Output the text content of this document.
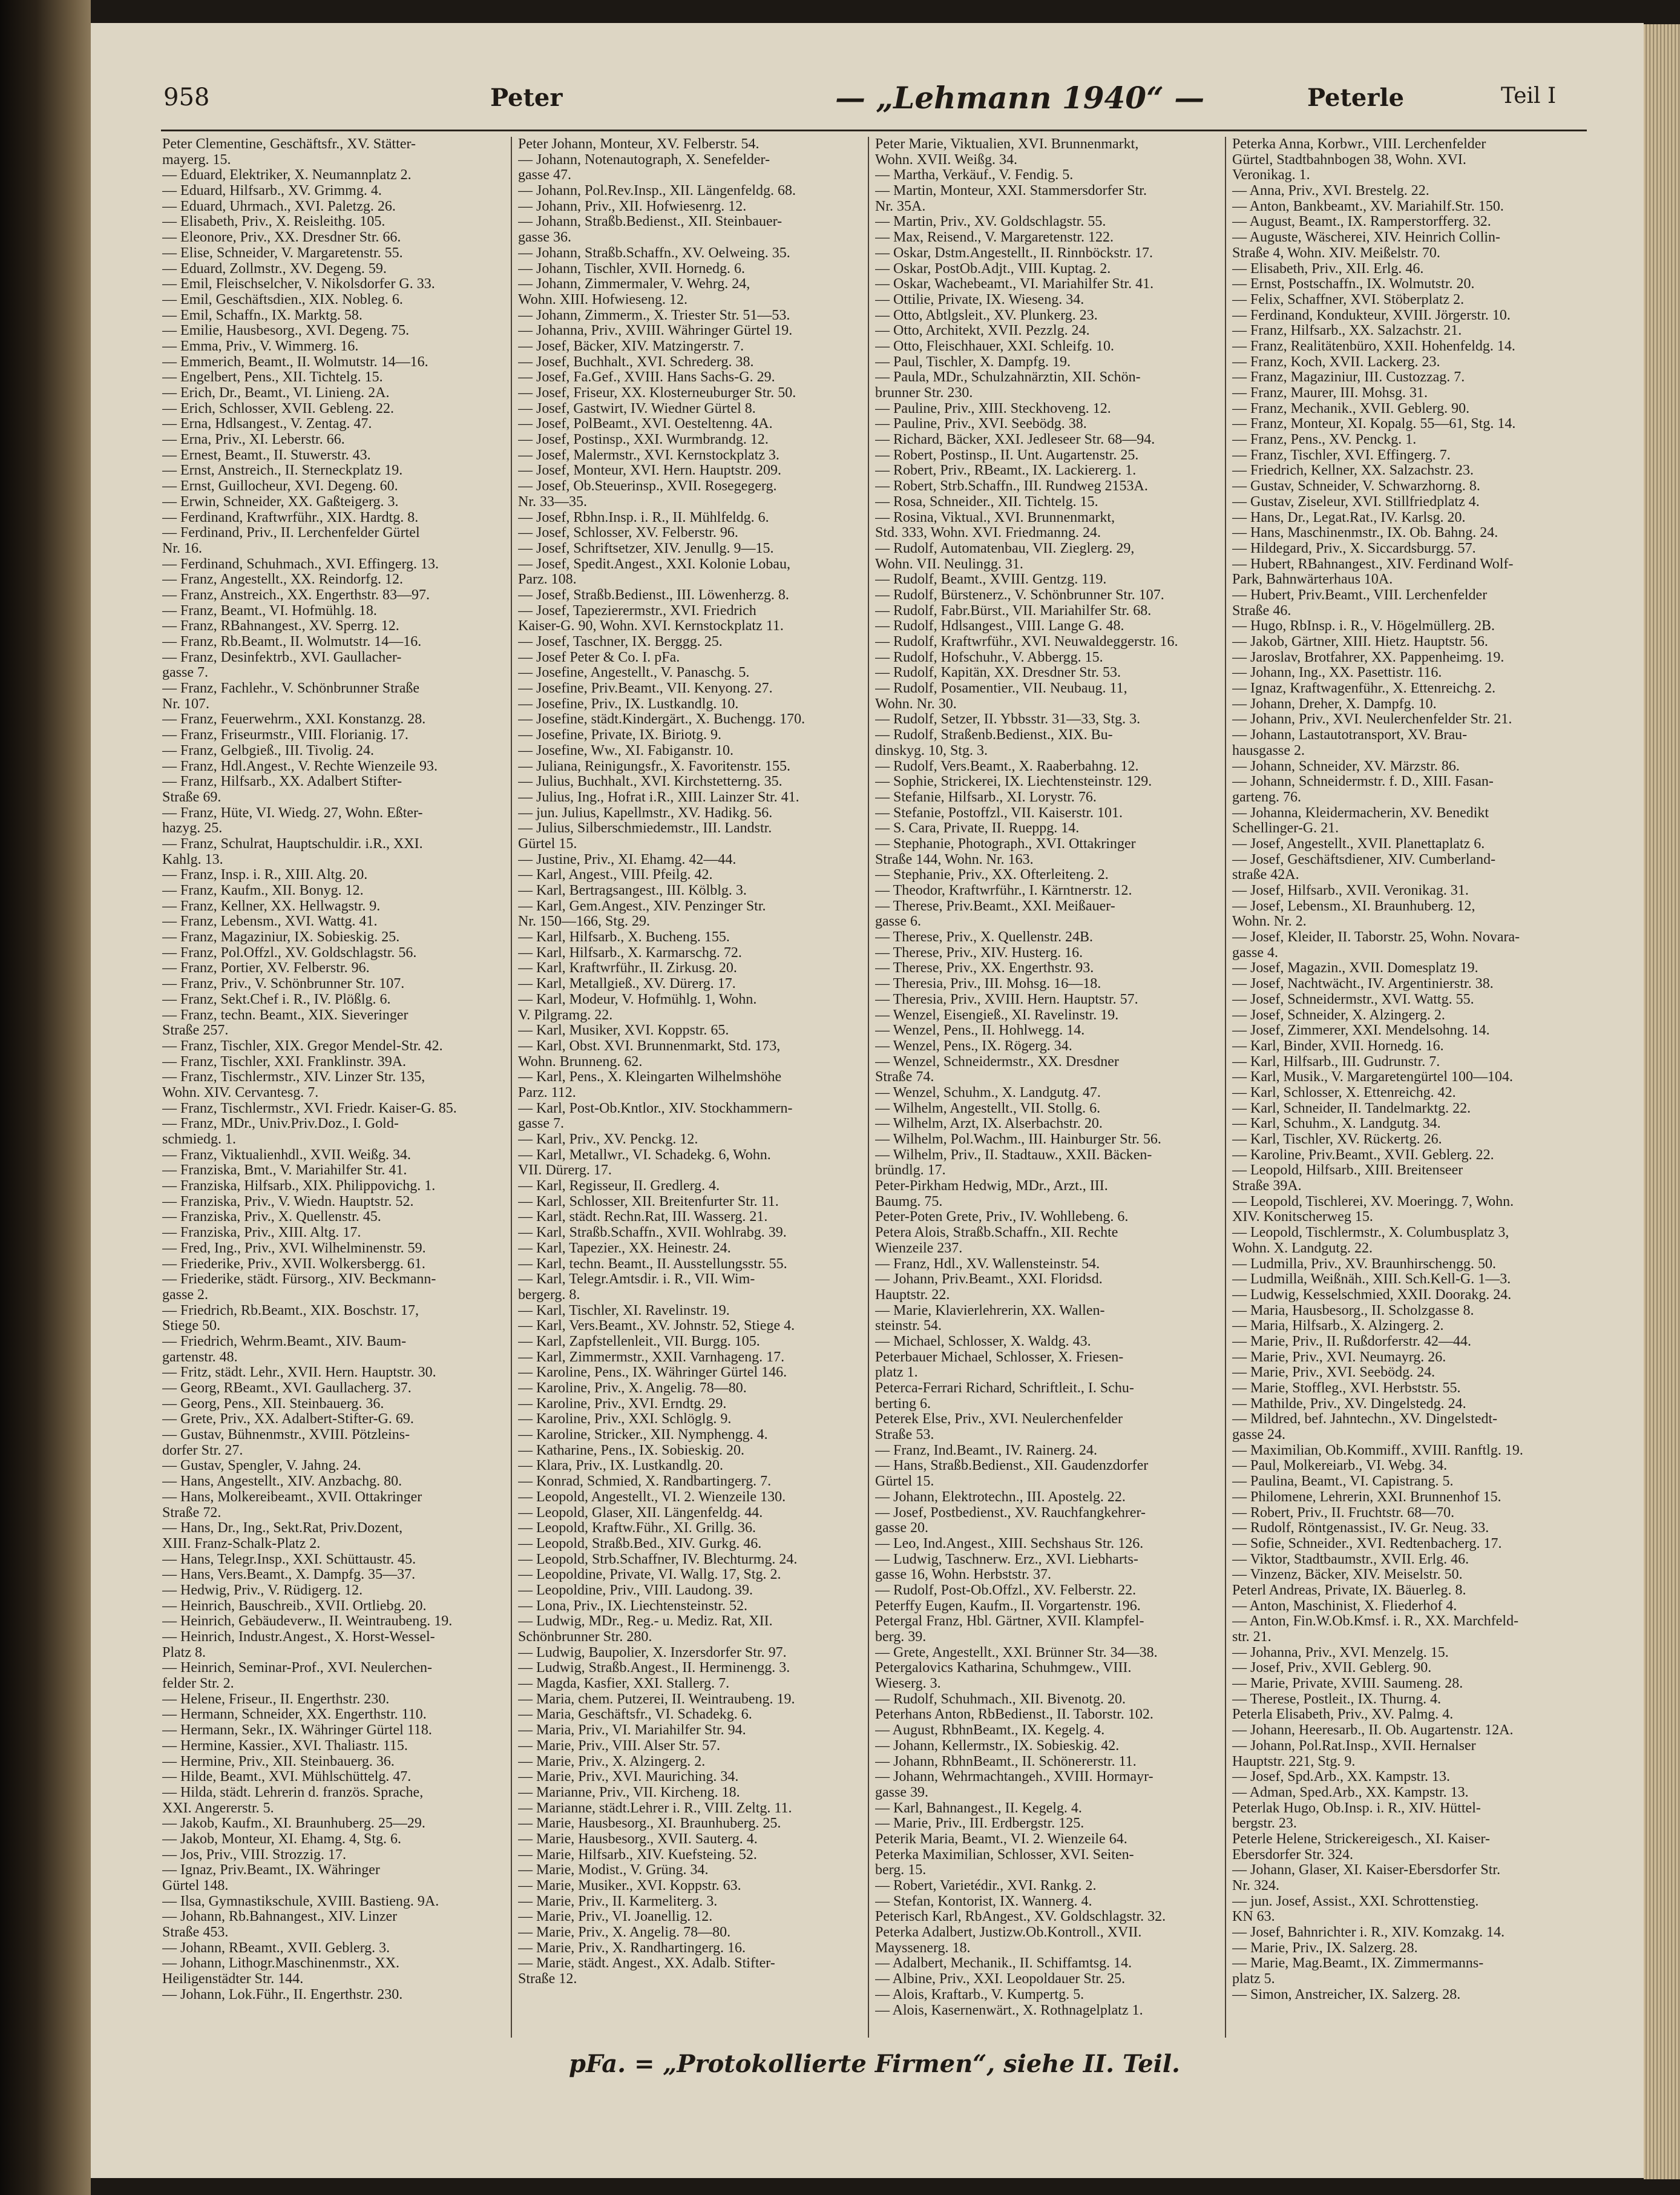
958	Peter	— „Lehmann 1940“ —	Peterle	Teil I
Peter Clementine, Geschäftsfr., XV. Stätter-
mayerg. 15.
— Eduard, Elektriker, X. Neumannplatz 2.
— Eduard, Hilfsarb., XV. Grimmg. 4.
— Eduard, Uhrmach., XVI. Paletzg. 26.
— Elisabeth, Priv., X. Reisleithg. 105.
— Eleonore, Priv., XX. Dresdner Str. 66.
— Elise, Schneider, V. Margaretenstr. 55.
— Eduard, Zollmstr., XV. Degeng. 59.
— Emil, Fleischselcher, V. Nikolsdorfer G. 33.
— Emil, Geschäftsdien., XIX. Nobleg. 6.
— Emil, Schaffn., IX. Marktg. 58.
— Emilie, Hausbesorg., XVI. Degeng. 75.
— Emma, Priv., V. Wimmerg. 16.
— Emmerich, Beamt., II. Wolmutstr. 14—16.
— Engelbert, Pens., XII. Tichtelg. 15.
— Erich, Dr., Beamt., VI. Linieng. 2A.
— Erich, Schlosser, XVII. Gebleng. 22.
— Erna, Hdlsangest., V. Zentag. 47.
— Erna, Priv., XI. Leberstr. 66.
— Ernest, Beamt., II. Stuwerstr. 43.
— Ernst, Anstreich., II. Sterneckplatz 19.
— Ernst, Guillocheur, XVI. Degeng. 60.
— Erwin, Schneider, XX. Gaßteigerg. 3.
— Ferdinand, Kraftwrführ., XIX. Hardtg. 8.
— Ferdinand, Priv., II. Lerchenfelder Gürtel
Nr. 16.
— Ferdinand, Schuhmach., XVI. Effingerg. 13.
— Franz, Angestellt., XX. Reindorfg. 12.
— Franz, Anstreich., XX. Engerthstr. 83—97.
— Franz, Beamt., VI. Hofmühlg. 18.
— Franz, RBahnangest., XV. Sperrg. 12.
— Franz, Rb.Beamt., II. Wolmutstr. 14—16.
— Franz, Desinfektrb., XVI. Gaullacher-
gasse 7.
— Franz, Fachlehr., V. Schönbrunner Straße
Nr. 107.
— Franz, Feuerwehrm., XXI. Konstanzg. 28.
— Franz, Friseurmstr., VIII. Florianig. 17.
— Franz, Gelbgieß., III. Tivolig. 24.
— Franz, Hdl.Angest., V. Rechte Wienzeile 93.
— Franz, Hilfsarb., XX. Adalbert Stifter-
Straße 69.
— Franz, Hüte, VI. Wiedg. 27, Wohn. Eßter-
hazyg. 25.
— Franz, Schulrat, Hauptschuldir. i.R., XXI.
Kahlg. 13.
— Franz, Insp. i. R., XIII. Altg. 20.
— Franz, Kaufm., XII. Bonyg. 12.
— Franz, Kellner, XX. Hellwagstr. 9.
— Franz, Lebensm., XVI. Wattg. 41.
— Franz, Magaziniur, IX. Sobieskig. 25.
— Franz, Pol.Offzl., XV. Goldschlagstr. 56.
— Franz, Portier, XV. Felberstr. 96.
— Franz, Priv., V. Schönbrunner Str. 107.
— Franz, Sekt.Chef i. R., IV. Plößlg. 6.
— Franz, techn. Beamt., XIX. Sieveringer
Straße 257.
— Franz, Tischler, XIX. Gregor Mendel-Str. 42.
— Franz, Tischler, XXI. Franklinstr. 39A.
— Franz, Tischlermstr., XIV. Linzer Str. 135,
Wohn. XIV. Cervantesg. 7.
— Franz, Tischlermstr., XVI. Friedr. Kaiser-G. 85.
— Franz, MDr., Univ.Priv.Doz., I. Gold-
schmiedg. 1.
— Franz, Viktualienhdl., XVII. Weißg. 34.
— Franziska, Bmt., V. Mariahilfer Str. 41.
— Franziska, Hilfsarb., XIX. Philippovichg. 1.
— Franziska, Priv., V. Wiedn. Hauptstr. 52.
— Franziska, Priv., X. Quellenstr. 45.
— Franziska, Priv., XIII. Altg. 17.
— Fred, Ing., Priv., XVI. Wilhelminenstr. 59.
— Friederike, Priv., XVII. Wolkersbergg. 61.
— Friederike, städt. Fürsorg., XIV. Beckmann-
gasse 2.
— Friedrich, Rb.Beamt., XIX. Boschstr. 17,
Stiege 50.
— Friedrich, Wehrm.Beamt., XIV. Baum-
gartenstr. 48.
— Fritz, städt. Lehr., XVII. Hern. Hauptstr. 30.
— Georg, RBeamt., XVI. Gaullacherg. 37.
— Georg, Pens., XII. Steinbauerg. 36.
— Grete, Priv., XX. Adalbert-Stifter-G. 69.
— Gustav, Bühnenmstr., XVIII. Pötzleins-
dorfer Str. 27.
— Gustav, Spengler, V. Jahng. 24.
— Hans, Angestellt., XIV. Anzbachg. 80.
— Hans, Molkereibeamt., XVII. Ottakringer
Straße 72.
— Hans, Dr., Ing., Sekt.Rat, Priv.Dozent,
XIII. Franz-Schalk-Platz 2.
— Hans, Telegr.Insp., XXI. Schüttaustr. 45.
— Hans, Vers.Beamt., X. Dampfg. 35—37.
— Hedwig, Priv., V. Rüdigerg. 12.
— Heinrich, Bauschreib., XVII. Ortliebg. 20.
— Heinrich, Gebäudeverw., II. Weintraubeng. 19.
— Heinrich, Industr.Angest., X. Horst-Wessel-
Platz 8.
— Heinrich, Seminar-Prof., XVI. Neulerchen-
felder Str. 2.
— Helene, Friseur., II. Engerthstr. 230.
— Hermann, Schneider, XX. Engerthstr. 110.
— Hermann, Sekr., IX. Währinger Gürtel 118.
— Hermine, Kassier., XVI. Thaliastr. 115.
— Hermine, Priv., XII. Steinbauerg. 36.
— Hilde, Beamt., XVI. Mühlschüttelg. 47.
— Hilda, städt. Lehrerin d. französ. Sprache,
XXI. Angererstr. 5.
— Jakob, Kaufm., XI. Braunhuberg. 25—29.
— Jakob, Monteur, XI. Ehamg. 4, Stg. 6.
— Jos, Priv., VIII. Strozzig. 17.
— Ignaz, Priv.Beamt., IX. Währinger
Gürtel 148.
— Ilsa, Gymnastikschule, XVIII. Bastieng. 9A.
— Johann, Rb.Bahnangest., XIV. Linzer
Straße 453.
— Johann, RBeamt., XVII. Geblerg. 3.
— Johann, Lithogr.Maschinenmstr., XX.
Heiligenstädter Str. 144.
— Johann, Lok.Führ., II. Engerthstr. 230.
Peter Johann, Monteur, XV. Felberstr. 54.
— Johann, Notenautograph, X. Senefelder-
gasse 47.
— Johann, Pol.Rev.Insp., XII. Längenfeldg. 68.
— Johann, Priv., XII. Hofwiesenrg. 12.
— Johann, Straßb.Bedienst., XII. Steinbauer-
gasse 36.
— Johann, Straßb.Schaffn., XV. Oelweing. 35.
— Johann, Tischler, XVII. Hornedg. 6.
— Johann, Zimmermaler, V. Wehrg. 24,
Wohn. XIII. Hofwieseng. 12.
— Johann, Zimmerm., X. Triester Str. 51—53.
— Johanna, Priv., XVIII. Währinger Gürtel 19.
— Josef, Bäcker, XIV. Matzingerstr. 7.
— Josef, Buchhalt., XVI. Schrederg. 38.
— Josef, Fa.Gef., XVIII. Hans Sachs-G. 29.
— Josef, Friseur, XX. Klosterneuburger Str. 50.
— Josef, Gastwirt, IV. Wiedner Gürtel 8.
— Josef, PolBeamt., XVI. Oesteltenng. 4A.
— Josef, Postinsp., XXI. Wurmbrandg. 12.
— Josef, Malermstr., XVI. Kernstockplatz 3.
— Josef, Monteur, XVI. Hern. Hauptstr. 209.
— Josef, Ob.Steuerinsp., XVII. Rosegegerg.
Nr. 33—35.
— Josef, Rbhn.Insp. i. R., II. Mühlfeldg. 6.
— Josef, Schlosser, XV. Felberstr. 96.
— Josef, Schriftsetzer, XIV. Jenullg. 9—15.
— Josef, Spedit.Angest., XXI. Kolonie Lobau,
Parz. 108.
— Josef, Straßb.Bedienst., III. Löwenherzg. 8.
— Josef, Tapezierermstr., XVI. Friedrich
Kaiser-G. 90, Wohn. XVI. Kernstockplatz 11.
— Josef, Taschner, IX. Berggg. 25.
— Josef Peter & Co. I. pFa.
— Josefine, Angestellt., V. Panaschg. 5.
— Josefine, Priv.Beamt., VII. Kenyong. 27.
— Josefine, Priv., IX. Lustkandlg. 10.
— Josefine, städt.Kindergärt., X. Buchengg. 170.
— Josefine, Private, IX. Biriotg. 9.
— Josefine, Ww., XI. Fabiganstr. 10.
— Juliana, Reinigungsfr., X. Favoritenstr. 155.
— Julius, Buchhalt., XVI. Kirchstetterng. 35.
— Julius, Ing., Hofrat i.R., XIII. Lainzer Str. 41.
— jun. Julius, Kapellmstr., XV. Hadikg. 56.
— Julius, Silberschmiedemstr., III. Landstr.
Gürtel 15.
— Justine, Priv., XI. Ehamg. 42—44.
— Karl, Angest., VIII. Pfeilg. 42.
— Karl, Bertragsangest., III. Kölblg. 3.
— Karl, Gem.Angest., XIV. Penzinger Str.
Nr. 150—166, Stg. 29.
— Karl, Hilfsarb., X. Bucheng. 155.
— Karl, Hilfsarb., X. Karmarschg. 72.
— Karl, Kraftwrführ., II. Zirkusg. 20.
— Karl, Metallgieß., XV. Dürerg. 17.
— Karl, Modeur, V. Hofmühlg. 1, Wohn.
V. Pilgramg. 22.
— Karl, Musiker, XVI. Koppstr. 65.
— Karl, Obst. XVI. Brunnenmarkt, Std. 173,
Wohn. Brunneng. 62.
— Karl, Pens., X. Kleingarten Wilhelmshöhe
Parz. 112.
— Karl, Post-Ob.Kntlor., XIV. Stockhammern-
gasse 7.
— Karl, Priv., XV. Penckg. 12.
— Karl, Metallwr., VI. Schadekg. 6, Wohn.
VII. Dürerg. 17.
— Karl, Regisseur, II. Gredlerg. 4.
— Karl, Schlosser, XII. Breitenfurter Str. 11.
— Karl, städt. Rechn.Rat, III. Wasserg. 21.
— Karl, Straßb.Schaffn., XVII. Wohlrabg. 39.
— Karl, Tapezier., XX. Heinestr. 24.
— Karl, techn. Beamt., II. Ausstellungsstr. 55.
— Karl, Telegr.Amtsdir. i. R., VII. Wim-
bergerg. 8.
— Karl, Tischler, XI. Ravelinstr. 19.
— Karl, Vers.Beamt., XV. Johnstr. 52, Stiege 4.
— Karl, Zapfstellenleit., VII. Burgg. 105.
— Karl, Zimmermstr., XXII. Varnhageng. 17.
— Karoline, Pens., IX. Währinger Gürtel 146.
— Karoline, Priv., X. Angelig. 78—80.
— Karoline, Priv., XVI. Erndtg. 29.
— Karoline, Priv., XXI. Schlöglg. 9.
— Karoline, Stricker., XII. Nymphengg. 4.
— Katharine, Pens., IX. Sobieskig. 20.
— Klara, Priv., IX. Lustkandlg. 20.
— Konrad, Schmied, X. Randbartingerg. 7.
— Leopold, Angestellt., VI. 2. Wienzeile 130.
— Leopold, Glaser, XII. Längenfeldg. 44.
— Leopold, Kraftw.Führ., XI. Grillg. 36.
— Leopold, Straßb.Bed., XIV. Gurkg. 46.
— Leopold, Strb.Schaffner, IV. Blechturmg. 24.
— Leopoldine, Private, VI. Wallg. 17, Stg. 2.
— Leopoldine, Priv., VIII. Laudong. 39.
— Lona, Priv., IX. Liechtensteinstr. 52.
— Ludwig, MDr., Reg.- u. Mediz. Rat, XII.
Schönbrunner Str. 280.
— Ludwig, Baupolier, X. Inzersdorfer Str. 97.
— Ludwig, Straßb.Angest., II. Herminengg. 3.
— Magda, Kasfier, XXI. Stallerg. 7.
— Maria, chem. Putzerei, II. Weintraubeng. 19.
— Maria, Geschäftsfr., VI. Schadekg. 6.
— Maria, Priv., VI. Mariahilfer Str. 94.
— Marie, Priv., VIII. Alser Str. 57.
— Marie, Priv., X. Alzingerg. 2.
— Marie, Priv., XVI. Mauriching. 34.
— Marianne, Priv., VII. Kircheng. 18.
— Marianne, städt.Lehrer i. R., VIII. Zeltg. 11.
— Marie, Hausbesorg., XI. Braunhuberg. 25.
— Marie, Hausbesorg., XVII. Sauterg. 4.
— Marie, Hilfsarb., XIV. Kuefsteing. 52.
— Marie, Modist., V. Grüng. 34.
— Marie, Musiker., XVI. Koppstr. 63.
— Marie, Priv., II. Karmeliterg. 3.
— Marie, Priv., VI. Joanellig. 12.
— Marie, Priv., X. Angelig. 78—80.
— Marie, Priv., X. Randhartingerg. 16.
— Marie, städt. Angest., XX. Adalb. Stifter-
Straße 12.
Peter Marie, Viktualien, XVI. Brunnenmarkt,
Wohn. XVII. Weißg. 34.
— Martha, Verkäuf., V. Fendig. 5.
— Martin, Monteur, XXI. Stammersdorfer Str.
Nr. 35A.
— Martin, Priv., XV. Goldschlagstr. 55.
— Max, Reisend., V. Margaretenstr. 122.
— Oskar, Dstm.Angestellt., II. Rinnböckstr. 17.
— Oskar, PostOb.Adjt., VIII. Kuptag. 2.
— Oskar, Wachebeamt., VI. Mariahilfer Str. 41.
— Ottilie, Private, IX. Wieseng. 34.
— Otto, Abtlgsleit., XV. Plunkerg. 23.
— Otto, Architekt, XVII. Pezzlg. 24.
— Otto, Fleischhauer, XXI. Schleifg. 10.
— Paul, Tischler, X. Dampfg. 19.
— Paula, MDr., Schulzahnärztin, XII. Schön-
brunner Str. 230.
— Pauline, Priv., XIII. Steckhoveng. 12.
— Pauline, Priv., XVI. Seebödg. 38.
— Richard, Bäcker, XXI. Jedleseer Str. 68—94.
— Robert, Postinsp., II. Unt. Augartenstr. 25.
— Robert, Priv., RBeamt., IX. Lackiererg. 1.
— Robert, Strb.Schaffn., III. Rundweg 2153A.
— Rosa, Schneider., XII. Tichtelg. 15.
— Rosina, Viktual., XVI. Brunnenmarkt,
Std. 333, Wohn. XVI. Friedmanng. 24.
— Rudolf, Automatenbau, VII. Zieglerg. 29,
Wohn. VII. Neulingg. 31.
— Rudolf, Beamt., XVIII. Gentzg. 119.
— Rudolf, Bürstenerz., V. Schönbrunner Str. 107.
— Rudolf, Fabr.Bürst., VII. Mariahilfer Str. 68.
— Rudolf, Hdlsangest., VIII. Lange G. 48.
— Rudolf, Kraftwrführ., XVI. Neuwaldeggerstr. 16.
— Rudolf, Hofschuhr., V. Abbergg. 15.
— Rudolf, Kapitän, XX. Dresdner Str. 53.
— Rudolf, Posamentier., VII. Neubaug. 11,
Wohn. Nr. 30.
— Rudolf, Setzer, II. Ybbsstr. 31—33, Stg. 3.
— Rudolf, Straßenb.Bedienst., XIX. Bu-
dinskyg. 10, Stg. 3.
— Rudolf, Vers.Beamt., X. Raaberbahng. 12.
— Sophie, Strickerei, IX. Liechtensteinstr. 129.
— Stefanie, Hilfsarb., XI. Lorystr. 76.
— Stefanie, Postoffzl., VII. Kaiserstr. 101.
— S. Cara, Private, II. Rueppg. 14.
— Stephanie, Photograph., XVI. Ottakringer
Straße 144, Wohn. Nr. 163.
— Stephanie, Priv., XX. Ofterleiteng. 2.
— Theodor, Kraftwrführ., I. Kärntnerstr. 12.
— Therese, Priv.Beamt., XXI. Meißauer-
gasse 6.
— Therese, Priv., X. Quellenstr. 24B.
— Therese, Priv., XIV. Husterg. 16.
— Therese, Priv., XX. Engerthstr. 93.
— Theresia, Priv., III. Mohsg. 16—18.
— Theresia, Priv., XVIII. Hern. Hauptstr. 57.
— Wenzel, Eisengieß., XI. Ravelinstr. 19.
— Wenzel, Pens., II. Hohlwegg. 14.
— Wenzel, Pens., IX. Rögerg. 34.
— Wenzel, Schneidermstr., XX. Dresdner
Straße 74.
— Wenzel, Schuhm., X. Landgutg. 47.
— Wilhelm, Angestellt., VII. Stollg. 6.
— Wilhelm, Arzt, IX. Alserbachstr. 20.
— Wilhelm, Pol.Wachm., III. Hainburger Str. 56.
— Wilhelm, Priv., II. Stadtauw., XXII. Bäcken-
bründlg. 17.
Peter-Pirkham Hedwig, MDr., Arzt., III.
Baumg. 75.
Peter-Poten Grete, Priv., IV. Wohllebeng. 6.
Petera Alois, Straßb.Schaffn., XII. Rechte
Wienzeile 237.
— Franz, Hdl., XV. Wallensteinstr. 54.
— Johann, Priv.Beamt., XXI. Floridsd.
Hauptstr. 22.
— Marie, Klavierlehrerin, XX. Wallen-
steinstr. 54.
— Michael, Schlosser, X. Waldg. 43.
Peterbauer Michael, Schlosser, X. Friesen-
platz 1.
Peterca-Ferrari Richard, Schriftleit., I. Schu-
berting 6.
Peterek Else, Priv., XVI. Neulerchenfelder
Straße 53.
— Franz, Ind.Beamt., IV. Rainerg. 24.
— Hans, Straßb.Bedienst., XII. Gaudenzdorfer
Gürtel 15.
— Johann, Elektrotechn., III. Apostelg. 22.
— Josef, Postbedienst., XV. Rauchfangkehrer-
gasse 20.
— Leo, Ind.Angest., XIII. Sechshaus Str. 126.
— Ludwig, Taschnerw. Erz., XVI. Liebharts-
gasse 16, Wohn. Herbststr. 37.
— Rudolf, Post-Ob.Offzl., XV. Felberstr. 22.
Peterffy Eugen, Kaufm., II. Vorgartenstr. 196.
Petergal Franz, Hbl. Gärtner, XVII. Klampfel-
berg. 39.
— Grete, Angestellt., XXI. Brünner Str. 34—38.
Petergalovics Katharina, Schuhmgew., VIII.
Wieserg. 3.
— Rudolf, Schuhmach., XII. Bivenotg. 20.
Peterhans Anton, RbBedienst., II. Taborstr. 102.
— August, RbhnBeamt., IX. Kegelg. 4.
— Johann, Kellermstr., IX. Sobieskig. 42.
— Johann, RbhnBeamt., II. Schönererstr. 11.
— Johann, Wehrmachtangeh., XVIII. Hormayr-
gasse 39.
— Karl, Bahnangest., II. Kegelg. 4.
— Marie, Priv., III. Erdbergstr. 125.
Peterik Maria, Beamt., VI. 2. Wienzeile 64.
Peterka Maximilian, Schlosser, XVI. Seiten-
berg. 15.
— Robert, Varietédir., XVI. Rankg. 2.
— Stefan, Kontorist, IX. Wannerg. 4.
Peterisch Karl, RbAngest., XV. Goldschlagstr. 32.
Peterka Adalbert, Justizw.Ob.Kontroll., XVII.
Mayssenerg. 18.
— Adalbert, Mechanik., II. Schiffamtsg. 14.
— Albine, Priv., XXI. Leopoldauer Str. 25.
— Alois, Kraftarb., V. Kumpertg. 5.
— Alois, Kasernenwärt., X. Rothnagelplatz 1.
Peterka Anna, Korbwr., VIII. Lerchenfelder
Gürtel, Stadtbahnbogen 38, Wohn. XVI.
Veronikag. 1.
— Anna, Priv., XVI. Brestelg. 22.
— Anton, Bankbeamt., XV. Mariahilf.Str. 150.
— August, Beamt., IX. Ramperstorfferg. 32.
— Auguste, Wäscherei, XIV. Heinrich Collin-
Straße 4, Wohn. XIV. Meißelstr. 70.
— Elisabeth, Priv., XII. Erlg. 46.
— Ernst, Postschaffn., IX. Wolmutstr. 20.
— Felix, Schaffner, XVI. Stöberplatz 2.
— Ferdinand, Kondukteur, XVIII. Jörgerstr. 10.
— Franz, Hilfsarb., XX. Salzachstr. 21.
— Franz, Realitätenbüro, XXII. Hohenfeldg. 14.
— Franz, Koch, XVII. Lackerg. 23.
— Franz, Magaziniur, III. Custozzag. 7.
— Franz, Maurer, III. Mohsg. 31.
— Franz, Mechanik., XVII. Geblerg. 90.
— Franz, Monteur, XI. Kopalg. 55—61, Stg. 14.
— Franz, Pens., XV. Penckg. 1.
— Franz, Tischler, XVI. Effingerg. 7.
— Friedrich, Kellner, XX. Salzachstr. 23.
— Gustav, Schneider, V. Schwarzhorng. 8.
— Gustav, Ziseleur, XVI. Stillfriedplatz 4.
— Hans, Dr., Legat.Rat., IV. Karlsg. 20.
— Hans, Maschinenmstr., IX. Ob. Bahng. 24.
— Hildegard, Priv., X. Siccardsburgg. 57.
— Hubert, RBahnangest., XIV. Ferdinand Wolf-
Park, Bahnwärterhaus 10A.
— Hubert, Priv.Beamt., VIII. Lerchenfelder
Straße 46.
— Hugo, RbInsp. i. R., V. Högelmüllerg. 2B.
— Jakob, Gärtner, XIII. Hietz. Hauptstr. 56.
— Jaroslav, Brotfahrer, XX. Pappenheimg. 19.
— Johann, Ing., XX. Pasettistr. 116.
— Ignaz, Kraftwagenführ., X. Ettenreichg. 2.
— Johann, Dreher, X. Dampfg. 10.
— Johann, Priv., XVI. Neulerchenfelder Str. 21.
— Johann, Lastautotransport, XV. Brau-
hausgasse 2.
— Johann, Schneider, XV. Märzstr. 86.
— Johann, Schneidermstr. f. D., XIII. Fasan-
garteng. 76.
— Johanna, Kleidermacherin, XV. Benedikt
Schellinger-G. 21.
— Josef, Angestellt., XVII. Planettaplatz 6.
— Josef, Geschäftsdiener, XIV. Cumberland-
straße 42A.
— Josef, Hilfsarb., XVII. Veronikag. 31.
— Josef, Lebensm., XI. Braunhuberg. 12,
Wohn. Nr. 2.
— Josef, Kleider, II. Taborstr. 25, Wohn. Novara-
gasse 4.
— Josef, Magazin., XVII. Domesplatz 19.
— Josef, Nachtwächt., IV. Argentinierstr. 38.
— Josef, Schneidermstr., XVI. Wattg. 55.
— Josef, Schneider, X. Alzingerg. 2.
— Josef, Zimmerer, XXI. Mendelsohng. 14.
— Karl, Binder, XVII. Hornedg. 16.
— Karl, Hilfsarb., III. Gudrunstr. 7.
— Karl, Musik., V. Margaretengürtel 100—104.
— Karl, Schlosser, X. Ettenreichg. 42.
— Karl, Schneider, II. Tandelmarktg. 22.
— Karl, Schuhm., X. Landgutg. 34.
— Karl, Tischler, XV. Rückertg. 26.
— Karoline, Priv.Beamt., XVII. Geblerg. 22.
— Leopold, Hilfsarb., XIII. Breitenseer
Straße 39A.
— Leopold, Tischlerei, XV. Moeringg. 7, Wohn.
XIV. Konitscherweg 15.
— Leopold, Tischlermstr., X. Columbusplatz 3,
Wohn. X. Landgutg. 22.
— Ludmilla, Priv., XV. Braunhirschengg. 50.
— Ludmilla, Weißnäh., XIII. Sch.Kell-G. 1—3.
— Ludwig, Kesselschmied, XXII. Doorakg. 24.
— Maria, Hausbesorg., II. Scholzgasse 8.
— Maria, Hilfsarb., X. Alzingerg. 2.
— Marie, Priv., II. Rußdorferstr. 42—44.
— Marie, Priv., XVI. Neumayrg. 26.
— Marie, Priv., XVI. Seebödg. 24.
— Marie, Stoffleg., XVI. Herbststr. 55.
— Mathilde, Priv., XV. Dingelstedg. 24.
— Mildred, bef. Jahntechn., XV. Dingelstedt-
gasse 24.
— Maximilian, Ob.Kommiff., XVIII. Ranftlg. 19.
— Paul, Molkereiarb., VI. Webg. 34.
— Paulina, Beamt., VI. Capistrang. 5.
— Philomene, Lehrerin, XXI. Brunnenhof 15.
— Robert, Priv., II. Fruchtstr. 68—70.
— Rudolf, Röntgenassist., IV. Gr. Neug. 33.
— Sofie, Schneider., XVI. Redtenbacherg. 17.
— Viktor, Stadtbaumstr., XVII. Erlg. 46.
— Vinzenz, Bäcker, XIV. Meiselstr. 50.
Peterl Andreas, Private, IX. Bäuerleg. 8.
— Anton, Maschinist, X. Fliederhof 4.
— Anton, Fin.W.Ob.Kmsf. i. R., XX. Marchfeld-
str. 21.
— Johanna, Priv., XVI. Menzelg. 15.
— Josef, Priv., XVII. Geblerg. 90.
— Marie, Private, XVIII. Saumeng. 28.
— Therese, Postleit., IX. Thurng. 4.
Peterla Elisabeth, Priv., XV. Palmg. 4.
— Johann, Heeresarb., II. Ob. Augartenstr. 12A.
— Johann, Pol.Rat.Insp., XVII. Hernalser
Hauptstr. 221, Stg. 9.
— Josef, Spd.Arb., XX. Kampstr. 13.
— Adman, Sped.Arb., XX. Kampstr. 13.
Peterlak Hugo, Ob.Insp. i. R., XIV. Hüttel-
bergstr. 23.
Peterle Helene, Strickereigesch., XI. Kaiser-
Ebersdorfer Str. 324.
— Johann, Glaser, XI. Kaiser-Ebersdorfer Str.
Nr. 324.
— jun. Josef, Assist., XXI. Schrottenstieg.
KN 63.
— Josef, Bahnrichter i. R., XIV. Komzakg. 14.
— Marie, Priv., IX. Salzerg. 28.
— Marie, Mag.Beamt., IX. Zimmermanns-
platz 5.
— Simon, Anstreicher, IX. Salzerg. 28.
pFa. = „Protokollierte Firmen“, siehe II. Teil.
